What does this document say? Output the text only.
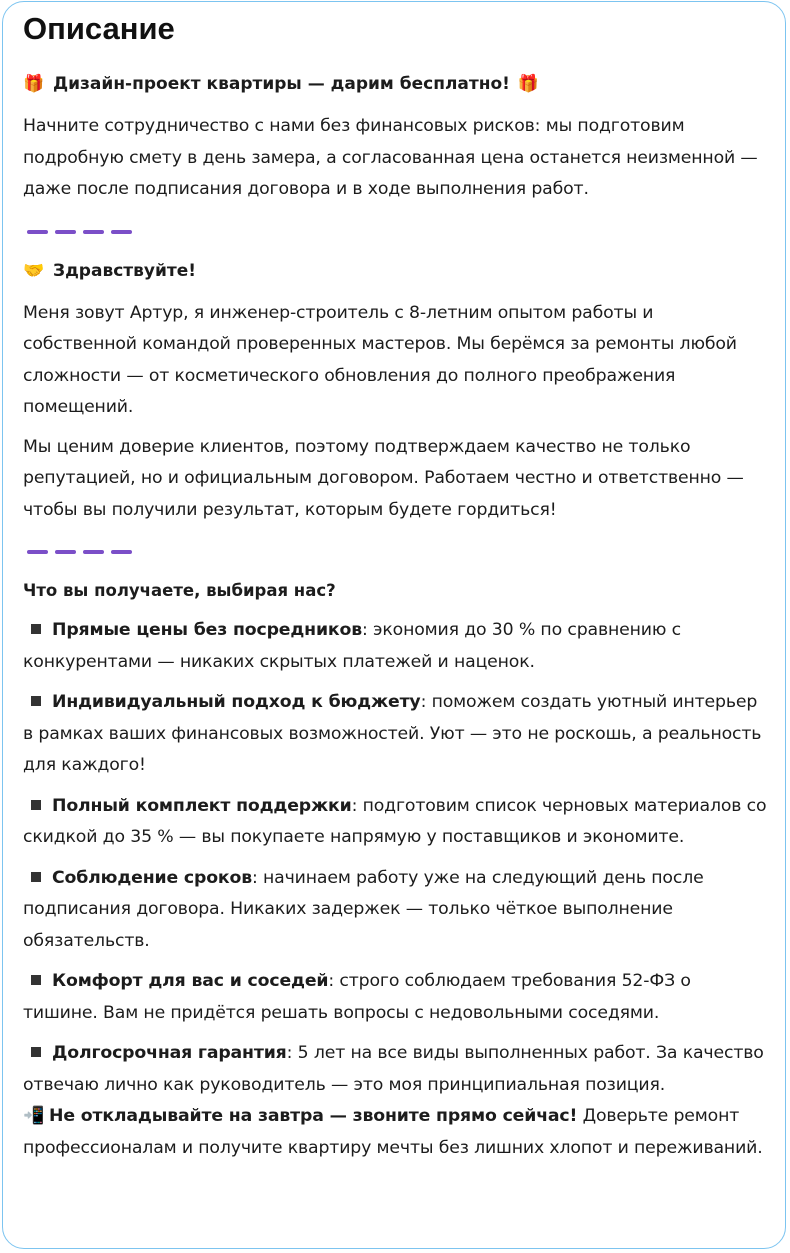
Описание
🎁 Дизайн-проект квартиры — дарим бесплатно! 🎁

Начните сотрудничество с нами без финансовых рисков: мы подготовим подробную смету в день замера, а согласованная цена останется неизменной — даже после подписания договора и в ходе выполнения работ.

🤝 Здравствуйте!

Меня зовут Артур, я инженер-строитель с 8-летним опытом работы и собственной командой проверенных мастеров. Мы берёмся за ремонты любой сложности — от косметического обновления до полного преображения помещений.

Мы ценим доверие клиентов, поэтому подтверждаем качество не только репутацией, но и официальным договором. Работаем честно и ответственно — чтобы вы получили результат, которым будете гордиться!

Что вы получаете, выбирая нас?
Прямые цены без посредников: экономия до 30 % по сравнению с конкурентами — никаких скрытых платежей и наценок.
Индивидуальный подход к бюджету: поможем создать уютный интерьер в рамках ваших финансовых возможностей. Уют — это не роскошь, а реальность для каждого!
Полный комплект поддержки: подготовим список черновых материалов со скидкой до 35 % — вы покупаете напрямую у поставщиков и экономите.
Соблюдение сроков: начинаем работу уже на следующий день после подписания договора. Никаких задержек — только чёткое выполнение обязательств.
Комфорт для вас и соседей: строго соблюдаем требования 52-ФЗ о тишине. Вам не придётся решать вопросы с недовольными соседями.
Долгосрочная гарантия: 5 лет на все виды выполненных работ. За качество отвечаю лично как руководитель — это моя принципиальная позиция.
📲 Не откладывайте на завтра — звоните прямо сейчас! Доверьте ремонт профессионалам и получите квартиру мечты без лишних хлопот и переживаний.
